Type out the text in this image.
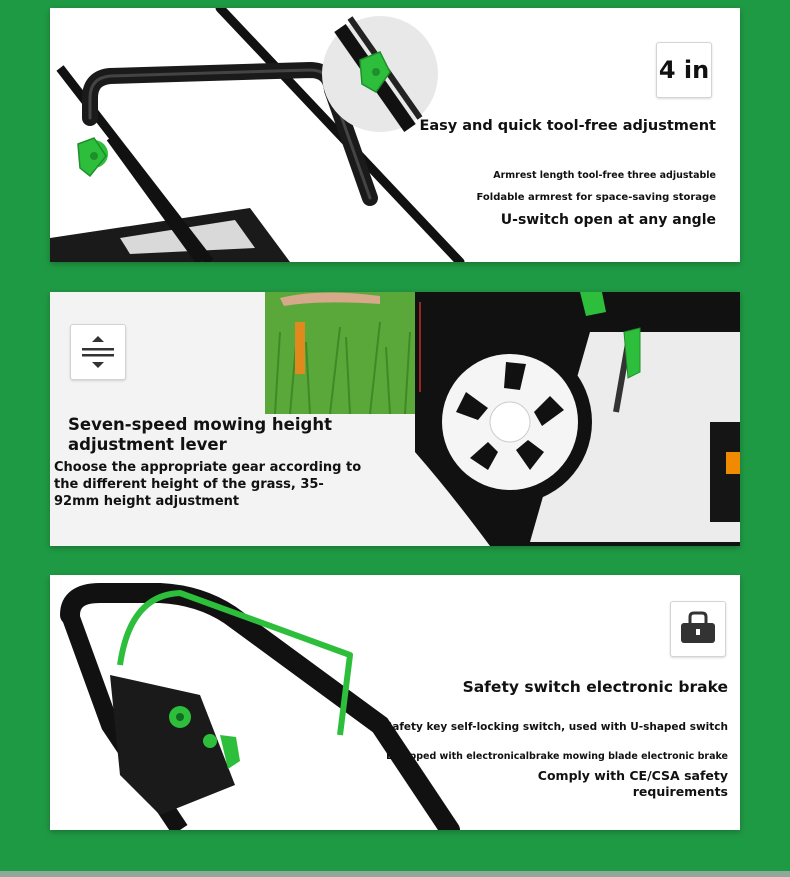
4 in
Easy and quick tool-free adjustment
Armrest length tool-free three adjustable
Foldable armrest for space-saving storage
U-switch open at any angle
Seven-speed mowing height adjustment lever
Choose the appropriate gear according to the different height of the grass, 35-92mm height adjustment
Safety switch electronic brake
Safety key self-locking switch, used with U-shaped switch
Equipped with electronicalbrake mowing blade electronic brake
Comply with CE/CSA safety requirements
